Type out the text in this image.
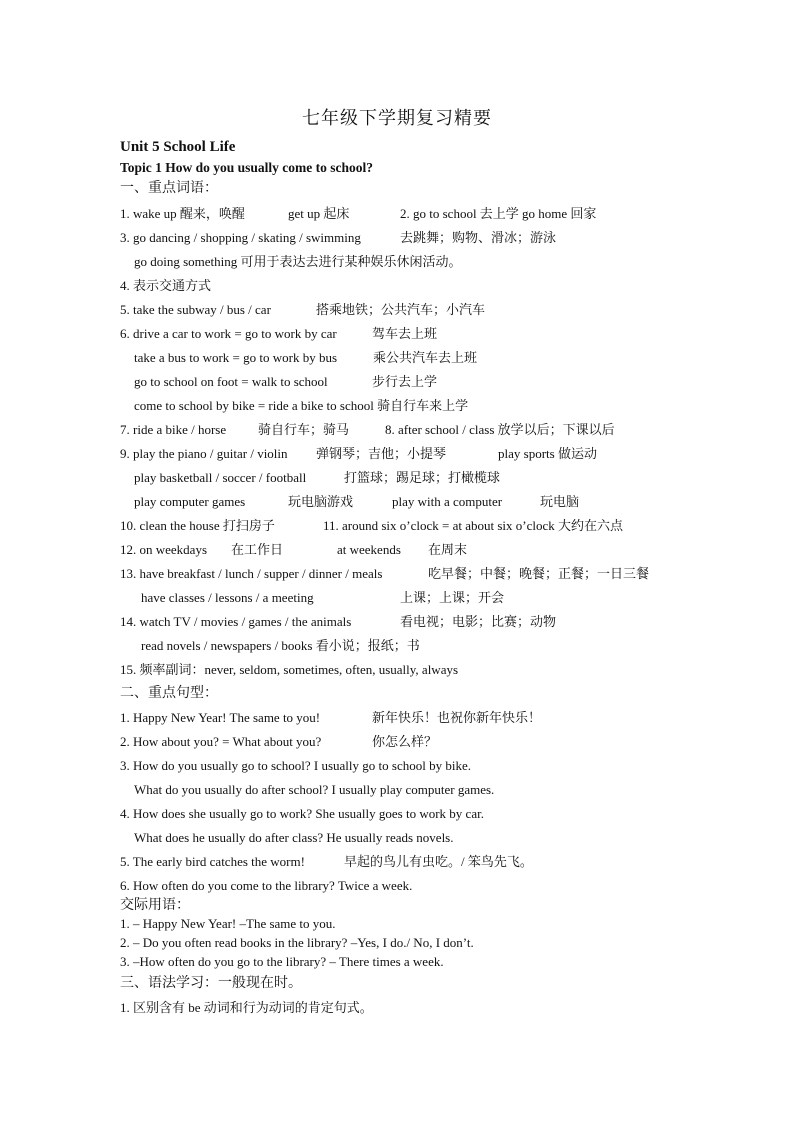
七年级下学期复习精要
Unit 5 School Life
Topic 1 How do you usually come to school?
一、重点词语：
1. wake up 醒来，唤醒	get up 起床	2. go to school 去上学 go home 回家
3. go dancing / shopping / skating / swimming	去跳舞；购物、滑冰；游泳
go doing something 可用于表达去进行某种娱乐休闲活动。
4. 表示交通方式
5. take the subway / bus / car	搭乘地铁；公共汽车；小汽车
6. drive a car to work = go to work by car	驾车去上班
take a bus to work = go to work by bus	乘公共汽车去上班
go to school on foot = walk to school	步行去上学
come to school by bike = ride a bike to school 骑自行车来上学
7. ride a bike / horse 骑自行车；骑马	8. after school / class 放学以后；下课以后
9. play the piano / guitar / violin 弹钢琴；吉他；小提琴	play sports 做运动
play basketball / soccer / football	打篮球；踢足球；打橄榄球
play computer games	玩电脑游戏	play with a computer	玩电脑
10. clean the house 打扫房子	11. around six o’clock = at about six o’clock 大约在六点
12. on weekdays 在工作日	at weekends 在周末
13. have breakfast / lunch / supper / dinner / meals	吃早餐；中餐；晚餐；正餐；一日三餐
have classes / lessons / a meeting	上课；上课；开会
14. watch TV / movies / games / the animals	看电视；电影；比赛；动物
read novels / newspapers / books 看小说；报纸；书
15. 频率副词：never, seldom, sometimes, often, usually, always
二、重点句型：
1. Happy New Year! The same to you!	新年快乐！也祝你新年快乐！
2. How about you? = What about you?	你怎么样？
3. How do you usually go to school? I usually go to school by bike.
What do you usually do after school? I usually play computer games.
4. How does she usually go to work? She usually goes to work by car.
What does he usually do after class? He usually reads novels.
5. The early bird catches the worm!	早起的鸟儿有虫吃。/ 笨鸟先飞。
6. How often do you come to the library? Twice a week.
交际用语：
1. – Happy New Year! –The same to you.
2. – Do you often read books in the library? –Yes, I do./ No, I don’t.
3. –How often do you go to the library? – There times a week.
三、语法学习：一般现在时。
1. 区别含有 be 动词和行为动词的肯定句式。
